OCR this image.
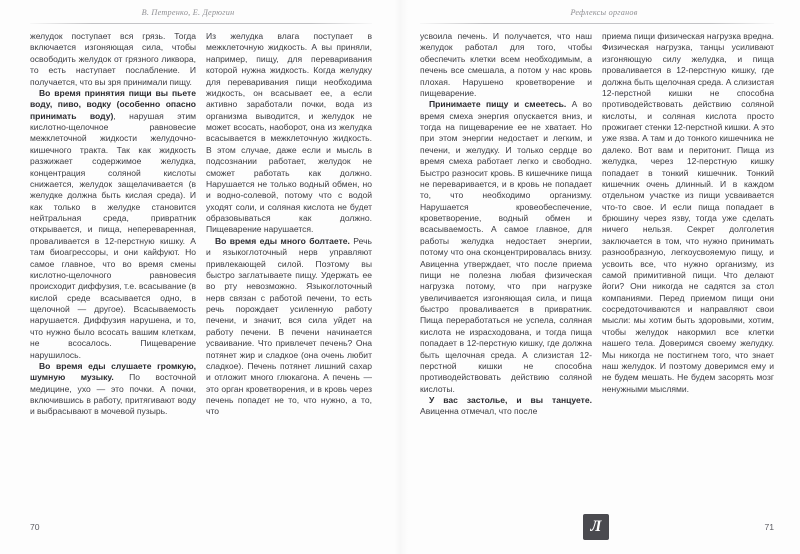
В. Петренко, Е. Дерюгин

желудок поступает вся грязь. Тогда включается изгоняющая сила, чтобы освободить желудок от грязного ликвора, то есть наступает послабление. И получается, что вы зря принимали пищу.

Во время принятия пищи вы пьете воду, пиво, водку (особенно опасно принимать воду), нарушая этим кислотно-щелочное равновесие межклеточной жидкости желудочно-кишечного тракта. Так как жидкость разжижает содержимое желудка, концентрация соляной кислоты снижается, желудок защелачивается (в желудке должна быть кислая среда). И как только в желудке становится нейтральная среда, привратник открывается, и пища, непереваренная, проваливается в 12-перстную кишку. А там биоагрессоры, и они кайфуют. Но самое главное, что во время смены кислотно-щелочного равновесия происходит диффузия, т.е. всасывание (в кислой среде всасывается одно, в щелочной — другое). Всасываемость нарушается. Диффузия нарушена, и то, что нужно было всосать вашим клеткам, не всосалось. Пищеварение нарушилось.

Во время еды слушаете громкую, шумную музыку. По восточной медицине, ухо — это почки. А почки, включившись в работу, притягивают воду и выбрасывают в мочевой пузырь.

Из желудка влага поступает в межклеточную жидкость. А вы приняли, например, пищу, для переваривания которой нужна жидкость. Когда желудку для переваривания пищи необходима жидкость, он всасывает ее, а если активно заработали почки, вода из организма выводится, и желудок не может всосать, наоборот, она из желудка всасывается в межклеточную жидкость. В этом случае, даже если и мысль в подсознании работает, желудок не сможет работать как должно. Нарушается не только водный обмен, но и водно-солевой, потому что с водой уходят соли, и соляная кислота не будет образовываться как должно. Пищеварение нарушается.

Во время еды много болтаете. Речь и языкоглоточный нерв управляют привлекающей силой. Поэтому вы быстро заглатываете пищу. Удержать ее во рту невозможно. Языкоглоточный нерв связан с работой печени, то есть речь порождает усиленную работу печени, и значит, вся сила уйдет на работу печени. В печени начинается усваивание. Что привлечет печень? Она потянет жир и сладкое (она очень любит сладкое). Печень потянет лишний сахар и отложит много глюкагона. А печень — это орган кроветворения, и в кровь через печень попадет не то, что нужно, а то, что

70
Рефлексы органов

усвоила печень. И получается, что наш желудок работал для того, чтобы обеспечить клетки всем необходимым, а печень все смешала, а потом у нас кровь плохая. Нарушено кроветворение и пищеварение.

Принимаете пищу и смеетесь. А во время смеха энергия опускается вниз, и тогда на пищеварение ее не хватает. Но при этом энергии недостает и легким, и печени, и желудку. И только сердце во время смеха работает легко и свободно. Быстро разносит кровь. В кишечнике пища не переваривается, и в кровь не попадает то, что необходимо организму. Нарушается кровеобеспечение, кроветворение, водный обмен и всасываемость. А самое главное, для работы желудка недостает энергии, потому что она сконцентрировалась внизу. Авиценна утверждает, что после приема пищи не полезна любая физическая нагрузка потому, что при нагрузке увеличивается изгоняющая сила, и пища быстро проваливается в привратник. Пища переработаться не успела, соляная кислота не израсходована, и тогда пища попадает в 12-перстную кишку, где должна быть щелочная среда. А слизистая 12-перстной кишки не способна противодействовать действию соляной кислоты.

У вас застолье, и вы танцуете. Авиценна отмечал, что после

приема пищи физическая нагрузка вредна. Физическая нагрузка, танцы усиливают изгоняющую силу желудка, и пища проваливается в 12-перстную кишку, где должна быть щелочная среда. А слизистая 12-перстной кишки не способна противодействовать действию соляной кислоты, и соляная кислота просто прожигает стенки 12-перстной кишки. А это уже язва. А там и до тонкого кишечника не далеко. Вот вам и перитонит. Пища из желудка, через 12-перстную кишку попадает в тонкий кишечник. Тонкий кишечник очень длинный. И в каждом отдельном участке из пищи усваивается что-то свое. И если пища попадает в брюшину через язву, тогда уже сделать ничего нельзя. Секрет долголетия заключается в том, что нужно принимать разнообразную, легкоусвояемую пищу, и усвоить все, что нужно организму, из самой примитивной пищи. Что делают йоги? Они никогда не садятся за стол компаниями. Перед приемом пищи они сосредоточиваются и направляют свои мысли: мы хотим быть здоровыми, хотим, чтобы желудок накормил все клетки нашего тела. Доверимся своему желудку. Мы никогда не постигнем того, что знает наш желудок. И поэтому доверимся ему и не будем мешать. Не будем засорять мозг ненужными мыслями.

Л	71
